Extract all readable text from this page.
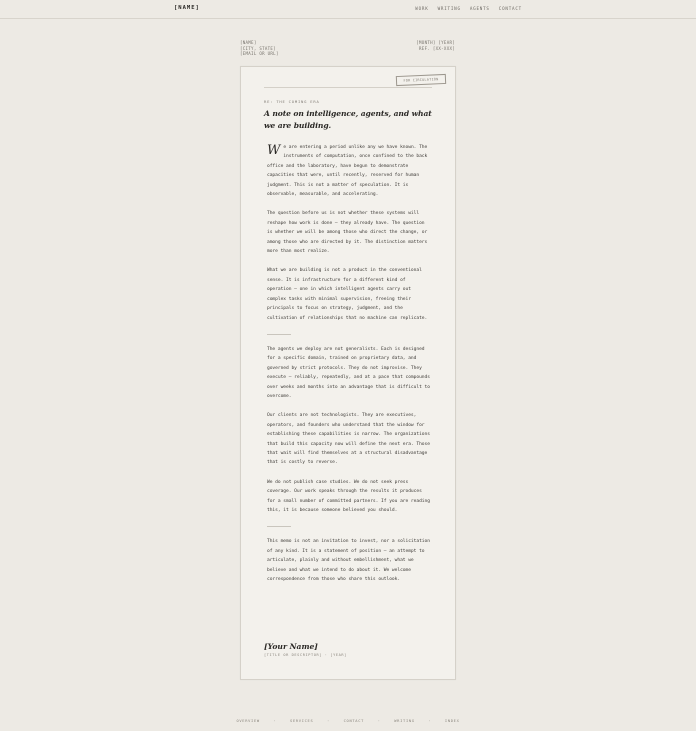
[NAME]	WORK WRITING AGENTS CONTACT
[NAME]
[CITY, STATE]
[EMAIL OR URL]
[MONTH] [YEAR]
REF. [XX-XXX]
FOR CIRCULATION
RE: THE COMING ERA
A note on intelligence, agents, and what we are building.

We are entering a period unlike any we have known. The instruments of computation, once confined to the back office and the laboratory, have begun to demonstrate capacities that were, until recently, reserved for human judgment. This is not a matter of speculation. It is observable, measurable, and accelerating.

The question before us is not whether these systems will reshape how work is done — they already have. The question is whether we will be among those who direct the change, or among those who are directed by it. The distinction matters more than most realize.

What we are building is not a product in the conventional sense. It is infrastructure for a different kind of operation — one in which intelligent agents carry out complex tasks with minimal supervision, freeing their principals to focus on strategy, judgment, and the cultivation of relationships that no machine can replicate.

The agents we deploy are not generalists. Each is designed for a specific domain, trained on proprietary data, and governed by strict protocols. They do not improvise. They execute — reliably, repeatedly, and at a pace that compounds over weeks and months into an advantage that is difficult to overcome.

Our clients are not technologists. They are executives, operators, and founders who understand that the window for establishing these capabilities is narrow. The organizations that build this capacity now will define the next era. Those that wait will find themselves at a structural disadvantage that is costly to reverse.

We do not publish case studies. We do not seek press coverage. Our work speaks through the results it produces for a small number of committed partners. If you are reading this, it is because someone believed you should.

This memo is not an invitation to invest, nor a solicitation of any kind. It is a statement of position — an attempt to articulate, plainly and without embellishment, what we believe and what we intend to do about it. We welcome correspondence from those who share this outlook.

[Your Name]
[TITLE OR DESCRIPTOR] · [YEAR]
OVERVIEW	·	SERVICES	·	CONTACT	·	WRITING	·	INDEX
